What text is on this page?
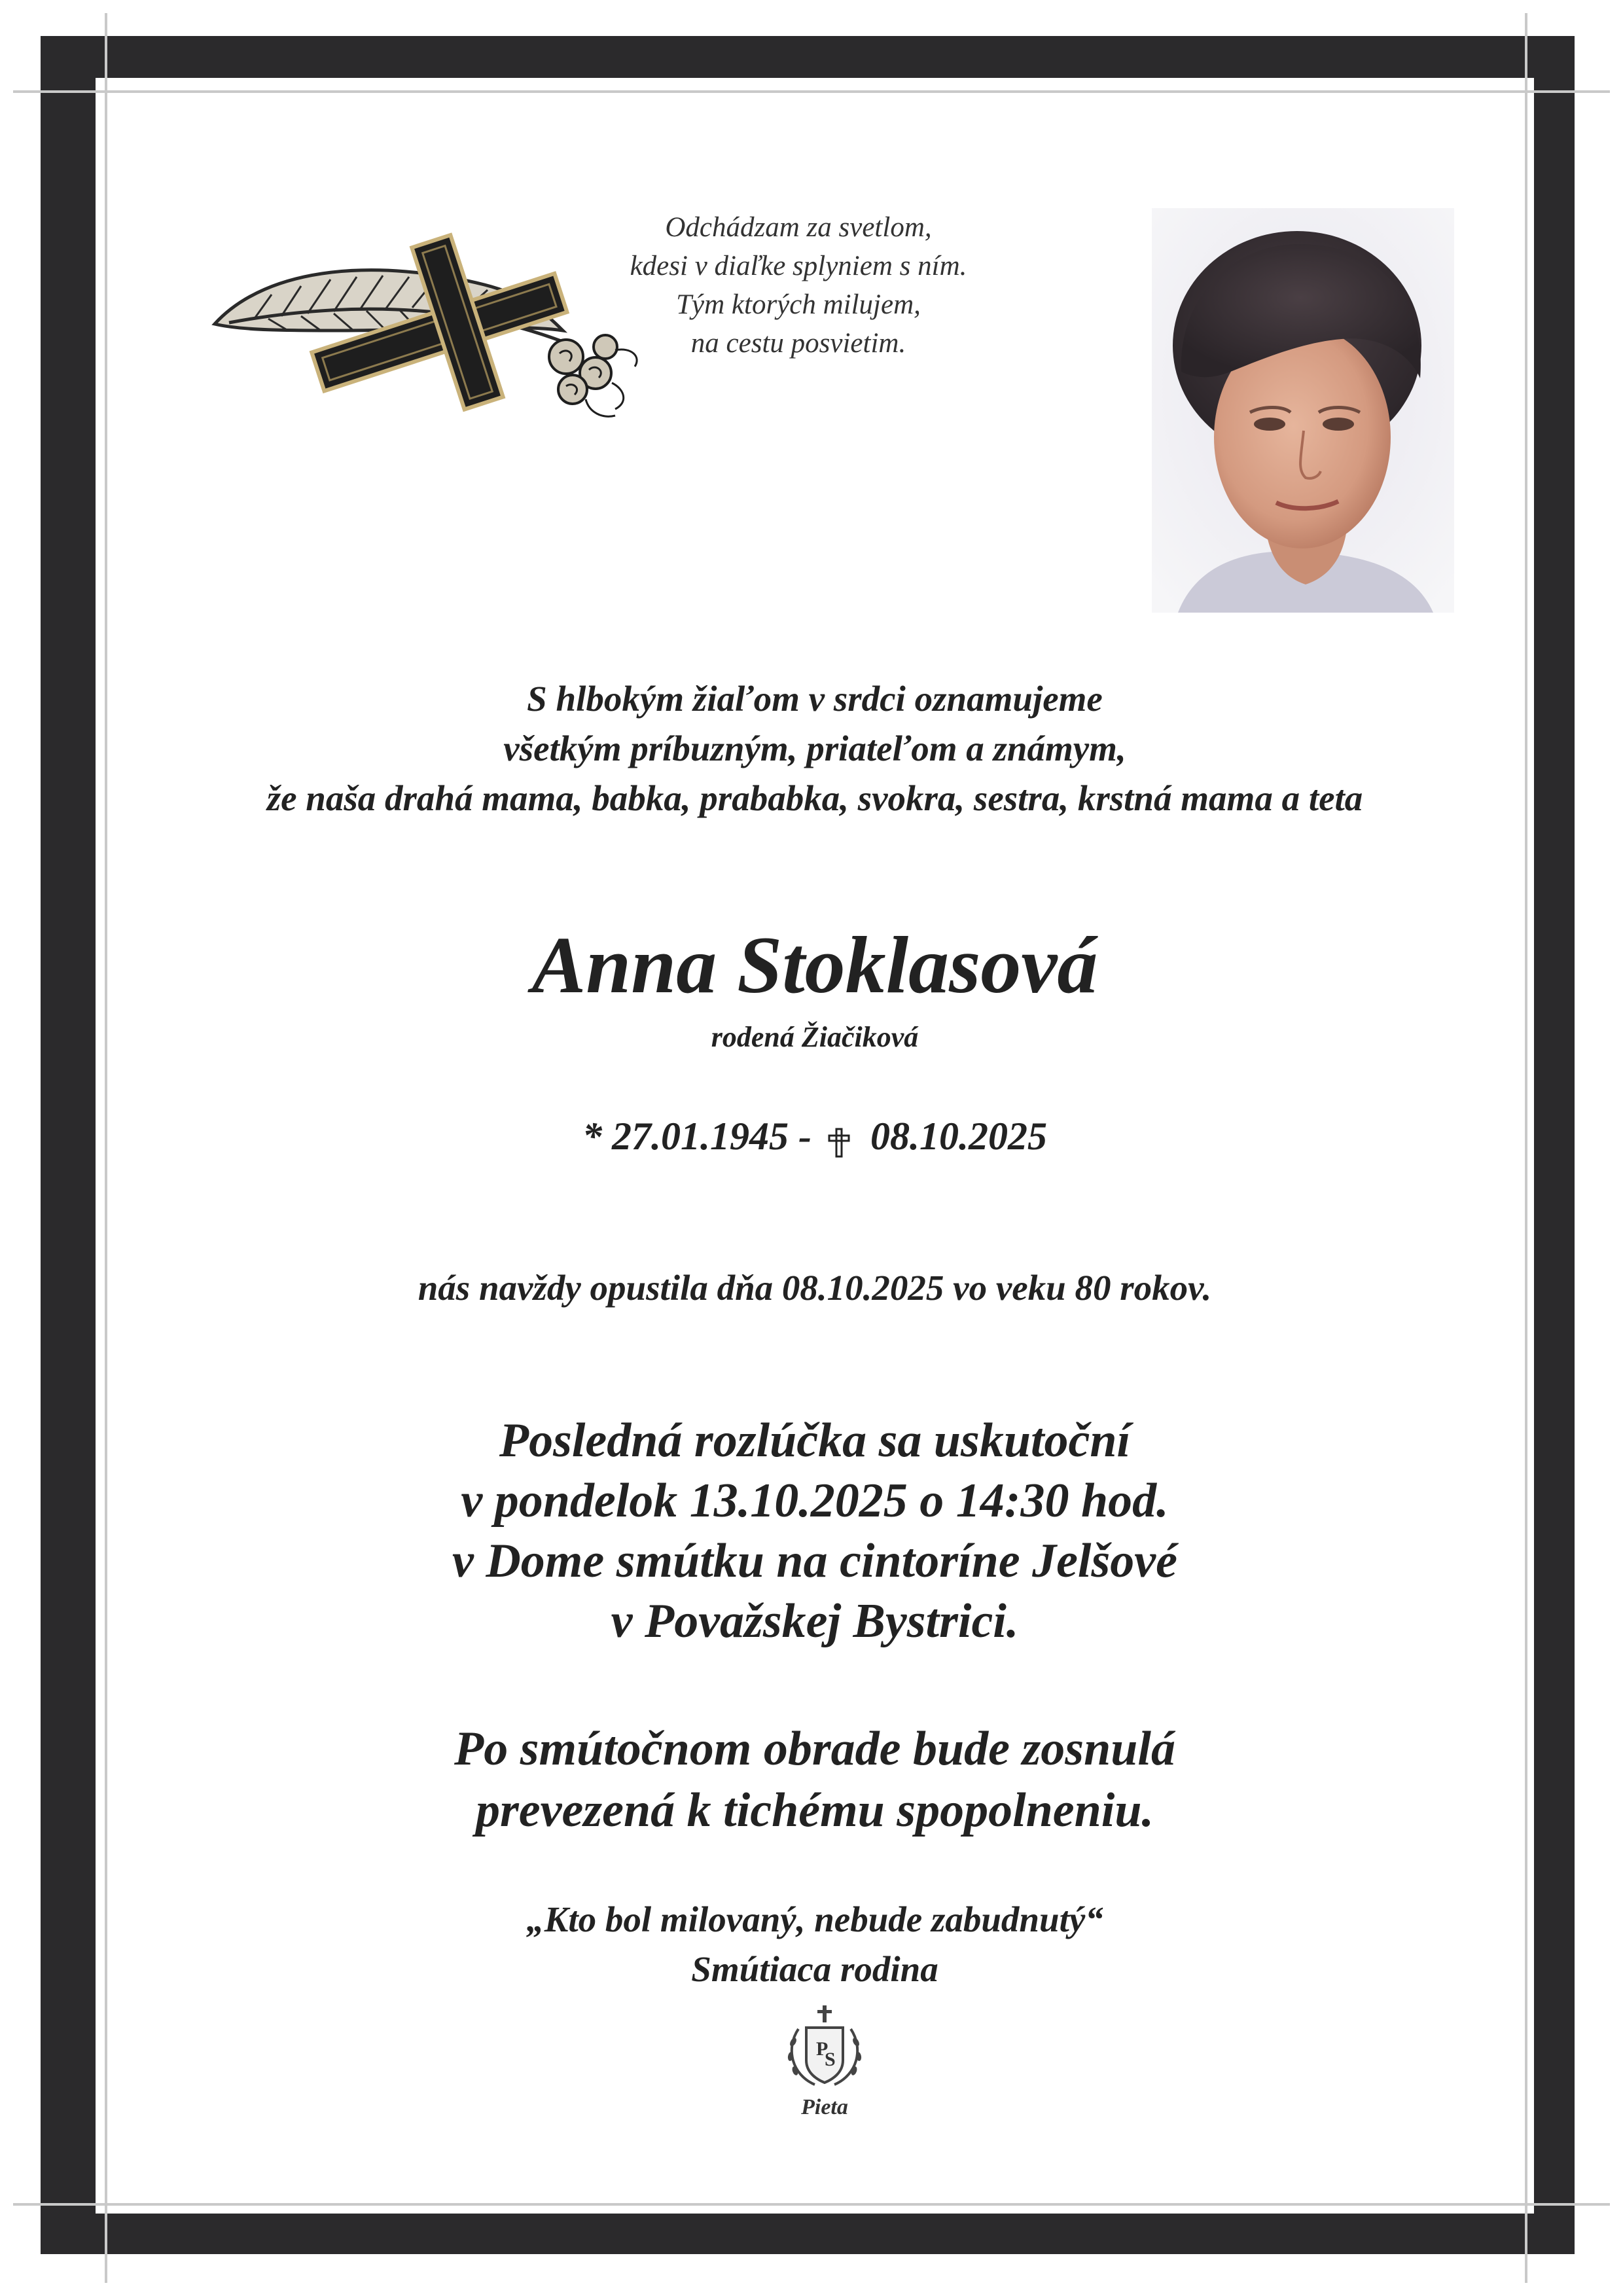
Odchádzam za svetlom,
kdesi v diaľke splyniem s ním.
Tým ktorých milujem,
na cestu posvietim.
S hlbokým žiaľom v srdci oznamujeme
všetkým príbuzným, priateľom a známym,
že naša drahá mama, babka, prababka, svokra, sestra, krstná mama a teta
Anna Stoklasová
rodená Žiačiková
* 27.01.1945 - 08.10.2025
nás navždy opustila dňa 08.10.2025 vo veku 80 rokov.
Posledná rozlúčka sa uskutoční
v pondelok 13.10.2025 o 14:30 hod.
v Dome smútku na cintoríne Jelšové
v Považskej Bystrici.
Po smútočnom obrade bude zosnulá
prevezená k tichému spopolneniu.
„Kto bol milovaný, nebude zabudnutý“
Smútiaca rodina
P
S
Pieta
